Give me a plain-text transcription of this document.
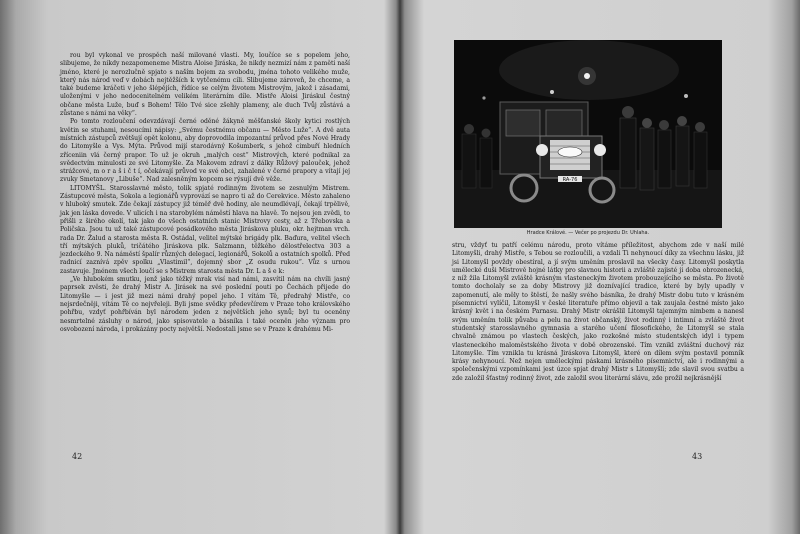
rou byl vykonal ve prospěch naší milované vlasti. My, loučíce se s popelem jeho, slibujeme, že nikdy nezapomeneme Mistra Aloise Jiráska, že nikdy nezmizí nám z paměti naší jméno, které je nerozlučně spjato s naším bojem za svobodu, jména tohoto velikého muže, který nás národ veď v dobách nejtěžších k vytčenému cíli. Slibujeme zároveň, že chceme, a také budeme kráčeti v jeho šlépějích, řídíce se celým životem Mistrovým, jakož i zásadami, uloženými v jeho nedocenitelném velikém literárním díle. Mistře Aloisi Jiráskul čestný občane města Luže, buď s Bohem! Tělo Tvé sice zšehly plameny, ale duch Tvůj zůstává a zůstane s námi na věky“.

Po tomto rozloučení odevzdávají černé oděné žákyně měšťanské školy kytici rostlých květin se stuhami, nesoucími nápisy: „Svému čestnému občanu — Město Luže“. A dvě auta místních zástupců zvětšují opět kolonu, aby doprovodila impozantní průvod přes Nové Hrady do Litomyšle a Vys. Mýta. Průvod mijí starodávný Košumberk, s jehož cimbuří hledních zříceniin vlá černý prapor. To už je okruh „malých cest“ Mistrových, které podnikal za svědectvím minulosti ze své Litomyšle. Za Makovem zdraví z dálky Růžový palouček, jehož strážcové, m o r a š i č t í, očekávají průvod ve své obci, zahalené v černé prapory a vítají jej zvuky Smetanovy „Libuše“. Nad zalesněným kopcem se rýsují dvě věže.

LITOMYŠL. Starosslavné město, tolik spjaté rodinným životem se zesnulým Mistrem. Zástupcové města, Sokola a legionářů vyprovází se napro ti až do Cerekvice. Město zahaleno v hluboký smutek. Zde čekají zástupcy již téměř dvě hodiny, ale neumdlévají, čekají trpělivě, jak jen láska dovede. V ulicích i na starobylém náměstí hlava na hlavě. To nejsou jen zvědi, to přišli z širého okolí, tak jako do všech ostatních stanic Mistrovy cesty, až z Třebovska a Poličska. Jsou tu už také zástupcové posádkového města Jiráskova pluku, okr. hejtman vrch. rada Dr. Žalud a starosta města R. Ostádal, velitel mýtské brigády plk. Baďura, velitel všech tří mýtských pluků, tričátého Jiráskova plk. Salzmann, těžkého dělostřelectva 303 a jezdeckého 9. Na náměstí špalír různých delegací, legionářů, Sokolů a ostatních spolků. Před radnicí zaznívá zpěv spolku „Vlastimil“, dojemný sbor „Z osudu rukou“. Vůz s urnou zastavuje. Jménem všech loučí se s Mistrem starosta města Dr. L a š e k:

„Ve hlubokém smutku, jenž jako těžký mrak visí nad námi, zasvítil nám na chvíli jasný paprsek zvěsti, že drahý Mistr A. Jirásek na své poslední pouti po Čechách přijede do Litomyšle — i jest již mezi námi drahý popel jeho. I vítám Tě, předrahý Mistře, co nejsrdečněji, vítám Tě co nejvřeleji. Byli jsme svědky předevčírem v Praze toho královského pohřbu, vzdyť pohřbíván byl národem jeden z největších jeho synů; byl tu oceněny nesmrtelné zásluhy o národ, jako spisovatele a básníka i také oceněn jeho význam pro osvobození národa, i prokázány pocty největší. Nedostali jsme se v Praze k drahému Mi-

42
RA-76
Hradce Králové. — Večer po projezdu Dr. Uhlaha.

stru, vždyť tu patří celému národu, proto vítáme příležitost, abychom zde v naší milé Litomyšli, drahý Mistře, s Tebou se rozloučili, a vzdali Ti nehynoucí díky za všechnu lásku, již jsi Litomyšl povždy obestíral, a jí svým uměním proslavil na všecky časy. Litomyšl poskytla umělecké duši Mistrově hojné látky pro slavnou historii a zvláště zajisté ji doba obrozenecká, z níž žila Litomyšl zvláště krásným vlasteneckým životem probouzejícího se města. Po životě tomto docholaly se za doby Mistrovy již doznívající tradice, které by byly upadly v zapomenutí, ale měly to štěstí, že našly svého básníka, že drahý Mistr dobu tuto v krásném písemnictví vylíčil, Litomyšl v české literatuře přímo objevil a tak zaujala čestné místo jako krásný květ i na českém Parnasu. Drahý Mistr okrášlil Litomyšl tajemným nimbem a nanesl svým uměním tolik půvabu a pelu na život občanský, život rodinný i intimní a zvláště život studentský starosslavného gymnasia a starého učení filosofického, že Litomyšl se stala chvalně známou po vlastech českých, jako rozkošné místo studentských idyl i typem vlasteneckého maloměstského života v době obrozenské. Tím vznikl zvláštní duchový ráz Litomyšle. Tím vznikla tu krásná Jiráskova Litomyšl, které on dílem svým postavil pomník krásy nehynoucí. Než nejen uměleckými páskami krásného písemnictví, ale i rodinnými a společenskými vzpomínkami jest úzce spjat drahý Mistr s Litomyšlí; zde slavil svou svatbu a zde založil šťastný rodinný život, zde založil svou literární slávu, zde prožil nejkrásnější

43
